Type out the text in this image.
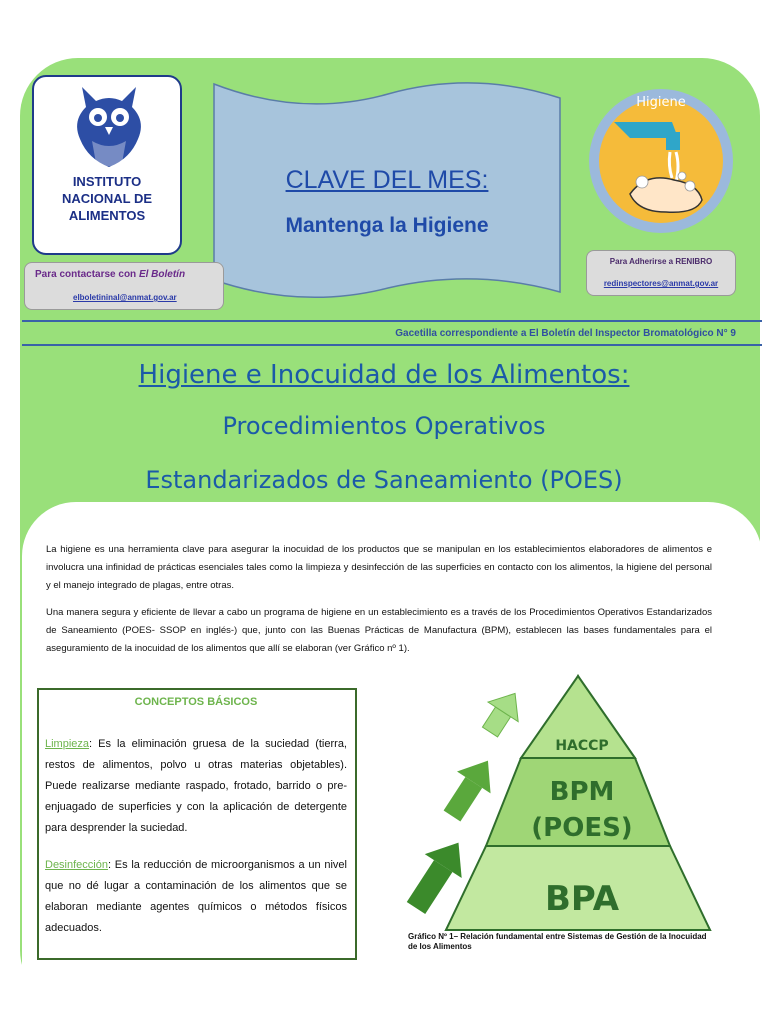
INSTITUTO
NACIONAL DE
ALIMENTOS
CLAVE DEL MES:
Mantenga la Higiene
Higiene
Para contactarse con El Boletín
elboletininal@anmat.gov.ar
Para Adherirse a RENIBRO
redinspectores@anmat.gov.ar
Gacetilla correspondiente a El Boletín del Inspector Bromatológico N° 9
Higiene e Inocuidad de los Alimentos:
Procedimientos Operativos
Estandarizados de Saneamiento (POES)

La higiene es una herramienta clave para asegurar la inocuidad de los productos que se manipulan en los establecimientos elaboradores de alimentos e involucra una infinidad de prácticas esenciales tales como la limpieza y desinfección de las superficies en contacto con los alimentos, la higiene del personal y el manejo integrado de plagas, entre otras.

Una manera segura y eficiente de llevar a cabo un programa de higiene en un establecimiento es a través de los Procedimientos Operativos Estandarizados de Saneamiento (POES- SSOP en inglés-) que, junto con las Buenas Prácticas de Manufactura (BPM), establecen las bases fundamentales para el aseguramiento de la inocuidad de los alimentos que allí se elaboran (ver Gráfico nº 1).

CONCEPTOS BÁSICOS

Limpieza: Es la eliminación gruesa de la suciedad (tierra, restos de alimentos, polvo u otras materias objetables). Puede realizarse mediante raspado, frotado, barrido o pre-enjuagado de superficies y con la aplicación de detergente para desprender la suciedad.

Desinfección: Es la reducción de microorganismos a un nivel que no dé lugar a contaminación de los alimentos que se elaboran mediante agentes químicos o métodos físicos adecuados.

HACCP
BPM
(POES)
BPA
Gráfico Nº 1– Relación fundamental entre Sistemas de Gestión de la Inocuidad de los Alimentos
